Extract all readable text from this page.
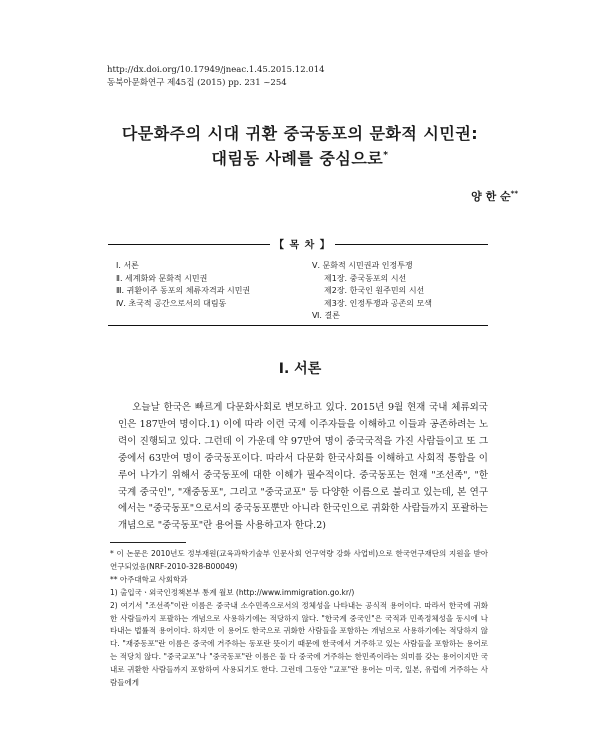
http://dx.doi.org/10.17949/jneac.1.45.2015.12.014
동북아문화연구 제45집 (2015) pp. 231 ~254
다문화주의 시대 귀환 중국동포의 문화적 시민권:
대림동 사례를 중심으로*
양 한 순**
【 목 차 】
Ⅰ. 서론
Ⅱ. 세계화와 문화적 시민권
Ⅲ. 귀환이주 동포의 체류자격과 시민권
Ⅳ. 초국적 공간으로서의 대림동
Ⅴ. 문화적 시민권과 인정투쟁
제1장. 중국동포의 시선
제2장. 한국인 원주민의 시선
제3장. 인정투쟁과 공존의 모색
Ⅵ. 결론
Ⅰ. 서론
오늘날 한국은 빠르게 다문화사회로 변모하고 있다. 2015년 9월 현재 국내 체류외국인은 187만여 명이다.1) 이에 따라 이런 국제 이주자들을 이해하고 이들과 공존하려는 노력이 진행되고 있다. 그런데 이 가운데 약 97만여 명이 중국국적을 가진 사람들이고 또 그 중에서 63만여 명이 중국동포이다. 따라서 다문화 한국사회를 이해하고 사회적 통합을 이루어 나가기 위해서 중국동포에 대한 이해가 필수적이다. 중국동포는 현재 "조선족", "한국계 중국인", "재중동포", 그리고 "중국교포" 등 다양한 이름으로 불리고 있는데, 본 연구에서는 "중국동포"으로서의 중국동포뿐만 아니라 한국인으로 귀화한 사람들까지 포괄하는 개념으로 "중국동포"란 용어를 사용하고자 한다.2)
* 이 논문은 2010년도 정부재원(교육과학기술부 인문사회 연구역량 강화 사업비)으로 한국연구재단의 지원을 받아 연구되었음(NRF-2010-328-B00049)
** 아주대학교 사회학과
1) 출입국ㆍ외국인정책본부 통계 월보 (http://www.immigration.go.kr/)
2) 여기서 "조선족"이란 이름은 중국내 소수민족으로서의 정체성을 나타내는 공식적 용어이다. 따라서 한국에 귀화한 사람들까지 포괄하는 개념으로 사용하기에는 적당하지 않다. "한국계 중국인"은 국적과 민족정체성을 동시에 나타내는 법률적 용어이다. 하지만 이 용어도 한국으로 귀화한 사람들을 포함하는 개념으로 사용하기에는 적당하지 않다. "재중동포"란 이름은 중국에 거주하는 동포란 뜻이기 때문에 한국에서 거주하고 있는 사람들을 포함하는 용어로는 적당치 않다. "중국교포"나 "중국동포"란 이름은 둘 다 중국에 거주하는 한민족이라는 의미를 갖는 용어이지만 국내로 귀환한 사람들까지 포함하여 사용되기도 한다. 그런데 그동안 "교포"란 용어는 미국, 일본, 유럽에 거주하는 사람들에게
